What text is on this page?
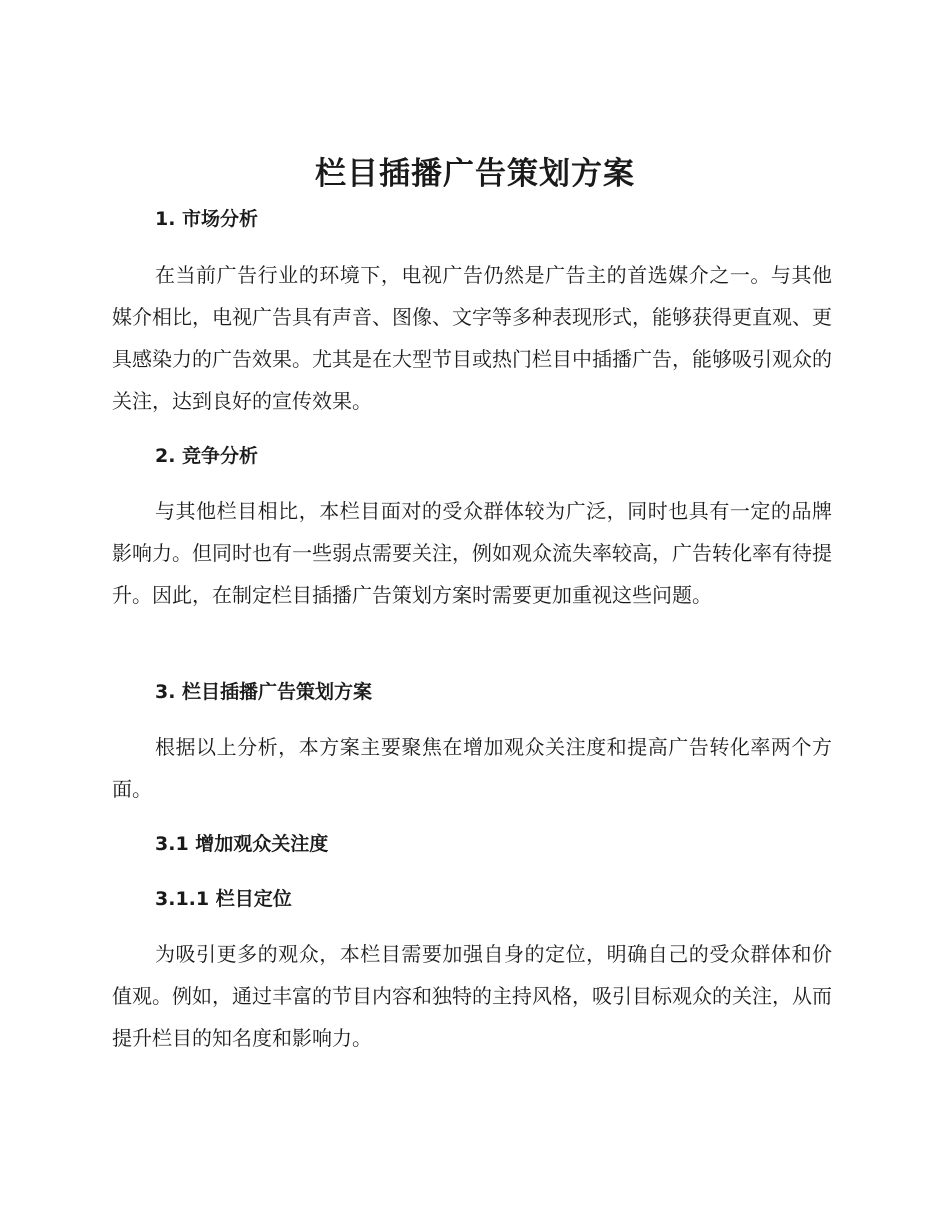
栏目插播广告策划方案
1. 市场分析

在当前广告行业的环境下，电视广告仍然是广告主的首选媒介之一。与其他媒介相比，电视广告具有声音、图像、文字等多种表现形式，能够获得更直观、更具感染力的广告效果。尤其是在大型节目或热门栏目中插播广告，能够吸引观众的关注，达到良好的宣传效果。

2. 竞争分析

与其他栏目相比，本栏目面对的受众群体较为广泛，同时也具有一定的品牌影响力。但同时也有一些弱点需要关注，例如观众流失率较高，广告转化率有待提升。因此，在制定栏目插播广告策划方案时需要更加重视这些问题。

3. 栏目插播广告策划方案

根据以上分析，本方案主要聚焦在增加观众关注度和提高广告转化率两个方面。

3.1 增加观众关注度
3.1.1 栏目定位

为吸引更多的观众，本栏目需要加强自身的定位，明确自己的受众群体和价值观。例如，通过丰富的节目内容和独特的主持风格，吸引目标观众的关注，从而提升栏目的知名度和影响力。
